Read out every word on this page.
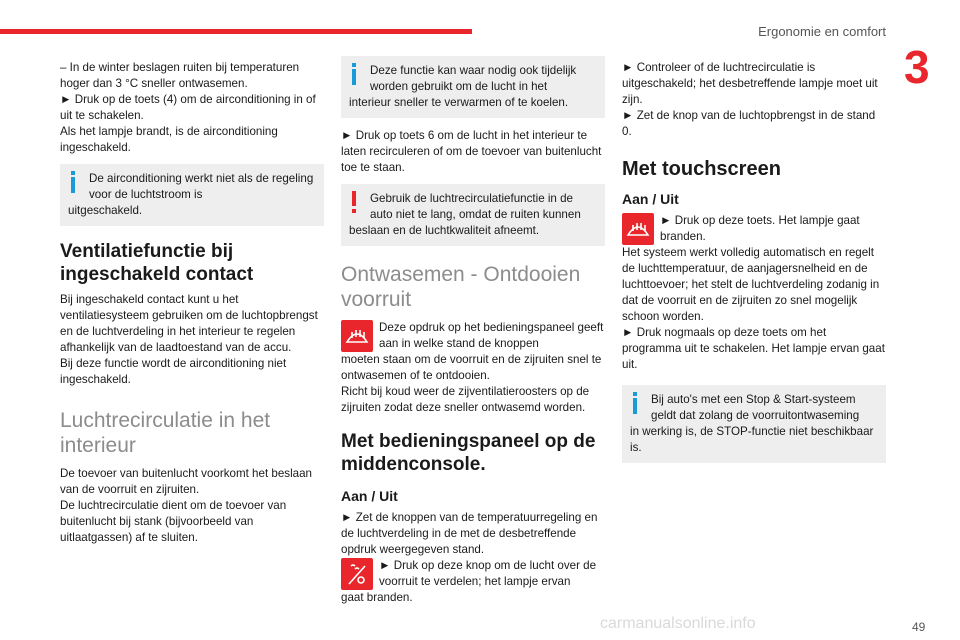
Ergonomie en comfort
3

– In de winter beslagen ruiten bij temperaturen hoger dan 3 °C sneller ontwasemen.

► Druk op de toets (4) om de airconditioning in of uit te schakelen.

Als het lampje brandt, is de airconditioning ingeschakeld.

De airconditioning werkt niet als de regeling voor de luchtstroom is
uitgeschakeld.
Ventilatiefunctie bij ingeschakeld contact

Bij ingeschakeld contact kunt u het ventilatiesysteem gebruiken om de luchtopbrengst en de luchtverdeling in het interieur te regelen afhankelijk van de laadtoestand van de accu.

Bij deze functie wordt de airconditioning niet ingeschakeld.

Luchtrecirculatie in het interieur

De toevoer van buitenlucht voorkomt het beslaan van de voorruit en zijruiten.

De luchtrecirculatie dient om de toevoer van buitenlucht bij stank (bijvoorbeeld van uitlaatgassen) af te sluiten.

Deze functie kan waar nodig ook tijdelijk worden gebruikt om de lucht in het
interieur sneller te verwarmen of te koelen.

► Druk op toets 6 om de lucht in het interieur te laten recirculeren of om de toevoer van buitenlucht toe te staan.

Gebruik de luchtrecirculatiefunctie in de auto niet te lang, omdat de ruiten kunnen
beslaan en de luchtkwaliteit afneemt.
Ontwasemen - Ontdooien voorruit
Deze opdruk op het bedieningspaneel geeft aan in welke stand de knoppen
moeten staan om de voorruit en de zijruiten snel te ontwasemen of te ontdooien.

Richt bij koud weer de zijventilatieroosters op de zijruiten zodat deze sneller ontwasemd worden.

Met bedieningspaneel op de middenconsole.
Aan / Uit

► Zet de knoppen van de temperatuurregeling en de luchtverdeling in de met de desbetreffende opdruk weergegeven stand.

► Druk op deze knop om de lucht over de voorruit te verdelen; het lampje ervan
gaat branden.

► Controleer of de luchtrecirculatie is uitgeschakeld; het desbetreffende lampje moet uit zijn.

► Zet de knop van de luchtopbrengst in de stand 0.

Met touchscreen
Aan / Uit
► Druk op deze toets. Het lampje gaat branden.

Het systeem werkt volledig automatisch en regelt de luchttemperatuur, de aanjagersnelheid en de luchttoevoer; het stelt de luchtverdeling zodanig in dat de voorruit en de zijruiten zo snel mogelijk schoon worden.

► Druk nogmaals op deze toets om het programma uit te schakelen. Het lampje ervan gaat uit.

Bij auto's met een Stop & Start-systeem geldt dat zolang de voorruitontwaseming
in werking is, de STOP-functie niet beschikbaar is.
carmanualsonline.info	49
